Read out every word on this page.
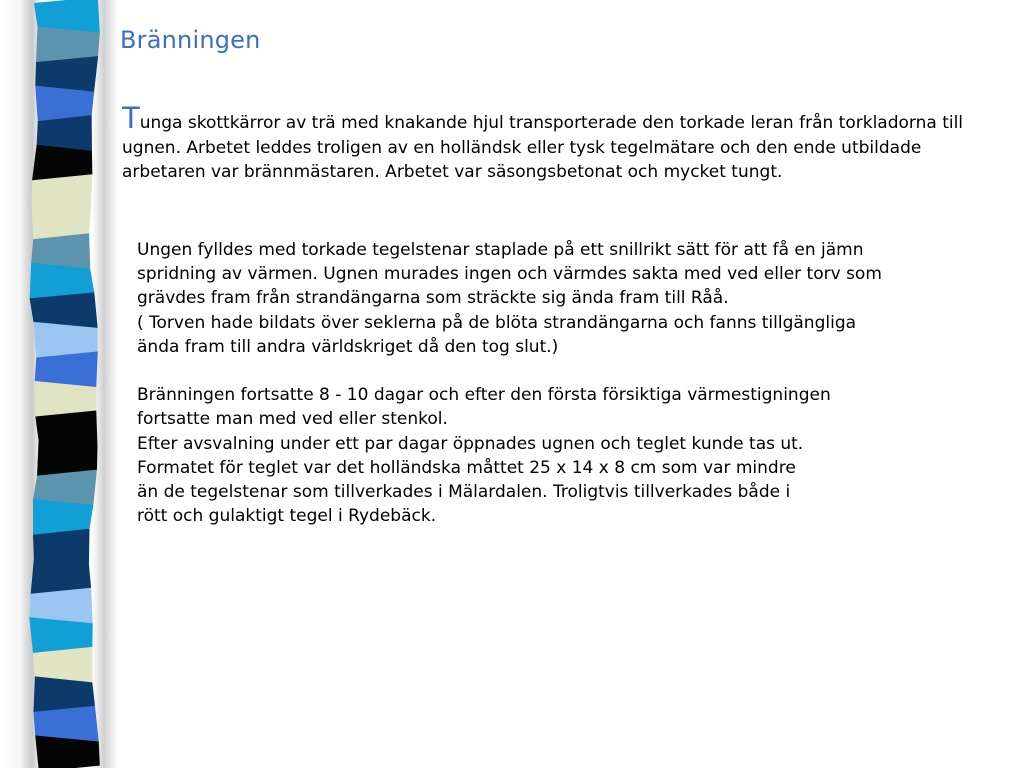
Bränningen

Tunga skottkärror av trä med knakande hjul transporterade den torkade leran från torkladorna till ugnen. Arbetet leddes troligen av en holländsk eller tysk tegelmätare och den ende utbildade arbetaren var brännmästaren. Arbetet var säsongsbetonat och mycket tungt.

Ungen fylldes med torkade tegelstenar staplade på ett snillrikt sätt för att få en jämn
spridning av värmen. Ugnen murades ingen och värmdes sakta med ved eller torv som
grävdes fram från strandängarna som sträckte sig ända fram till Råå.
( Torven hade bildats över seklerna på de blöta strandängarna och fanns tillgängliga
ända fram till andra världskriget då den tog slut.)
Bränningen fortsatte 8 - 10 dagar och efter den första försiktiga värmestigningen
fortsatte man med ved eller stenkol.
Efter avsvalning under ett par dagar öppnades ugnen och teglet kunde tas ut.
Formatet för teglet var det holländska måttet 25 x 14 x 8 cm som var mindre
än de tegelstenar som tillverkades i Mälardalen. Troligtvis tillverkades både i
rött och gulaktigt tegel i Rydebäck.
